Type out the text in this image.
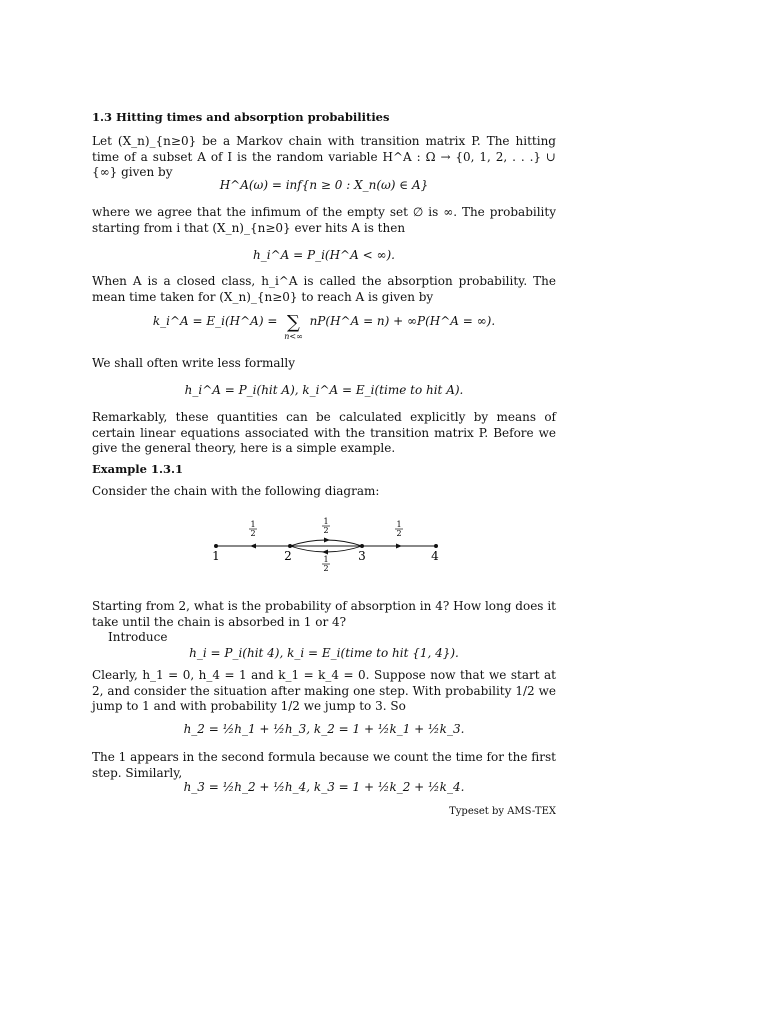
1.3 Hitting times and absorption probabilities
Let (X_n)_{n≥0} be a Markov chain with transition matrix P. The hitting time of a subset A of I is the random variable H^A : Ω → {0, 1, 2, . . .} ∪ {∞} given by
H^A(ω) = inf{n ≥ 0 : X_n(ω) ∈ A}
where we agree that the infimum of the empty set ∅ is ∞. The probability starting from i that (X_n)_{n≥0} ever hits A is then
h_i^A = P_i(H^A < ∞).
When A is a closed class, h_i^A is called the absorption probability. The mean time taken for (X_n)_{n≥0} to reach A is given by
k_i^A = E_i(H^A) = ∑
n<∞
nP(H^A = n) + ∞P(H^A = ∞).
We shall often write less formally
h_i^A = P_i(hit A), k_i^A = E_i(time to hit A).
Remarkably, these quantities can be calculated explicitly by means of certain linear equations associated with the transition matrix P. Before we give the general theory, here is a simple example.
Example 1.3.1
Consider the chain with the following diagram:
Starting from 2, what is the probability of absorption in 4? How long does it take until the chain is absorbed in 1 or 4?
Introduce
h_i = P_i(hit 4), k_i = E_i(time to hit {1, 4}).
Clearly, h_1 = 0, h_4 = 1 and k_1 = k_4 = 0. Suppose now that we start at 2, and consider the situation after making one step. With probability 1/2 we jump to 1 and with probability 1/2 we jump to 3. So
h_2 = ½h_1 + ½h_3, k_2 = 1 + ½k_1 + ½k_3.
The 1 appears in the second formula because we count the time for the first step. Similarly,
h_3 = ½h_2 + ½h_4, k_3 = 1 + ½k_2 + ½k_4.
Typeset by AMS-TEX
1	2	3	4
1
2
1
2
1
2
1
2
